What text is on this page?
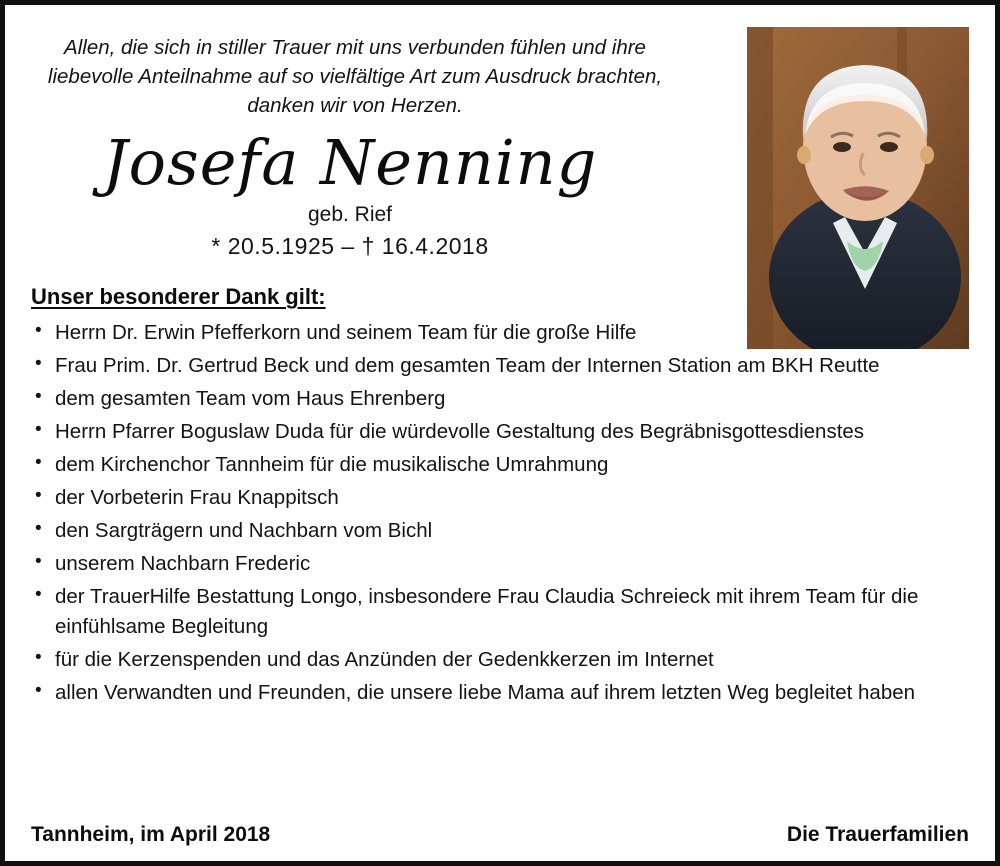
Allen, die sich in stiller Trauer mit uns verbunden fühlen und ihre
liebevolle Anteilnahme auf so vielfältige Art zum Ausdruck brachten,
danken wir von Herzen.
Josefa Nenning
geb. Rief
* 20.5.1925 – † 16.4.2018
Unser besonderer Dank gilt:
• Herrn Dr. Erwin Pfefferkorn und seinem Team für die große Hilfe
• Frau Prim. Dr. Gertrud Beck und dem gesamten Team der Internen Station am BKH Reutte
• dem gesamten Team vom Haus Ehrenberg
• Herrn Pfarrer Boguslaw Duda für die würdevolle Gestaltung des Begräbnisgottesdienstes
• dem Kirchenchor Tannheim für die musikalische Umrahmung
• der Vorbeterin Frau Knappitsch
• den Sargträgern und Nachbarn vom Bichl
• unserem Nachbarn Frederic
• der TrauerHilfe Bestattung Longo, insbesondere Frau Claudia Schreieck mit ihrem Team für die
einfühlsame Begleitung
• für die Kerzenspenden und das Anzünden der Gedenkkerzen im Internet
• allen Verwandten und Freunden, die unsere liebe Mama auf ihrem letzten Weg begleitet haben
Tannheim, im April 2018	Die Trauerfamilien
